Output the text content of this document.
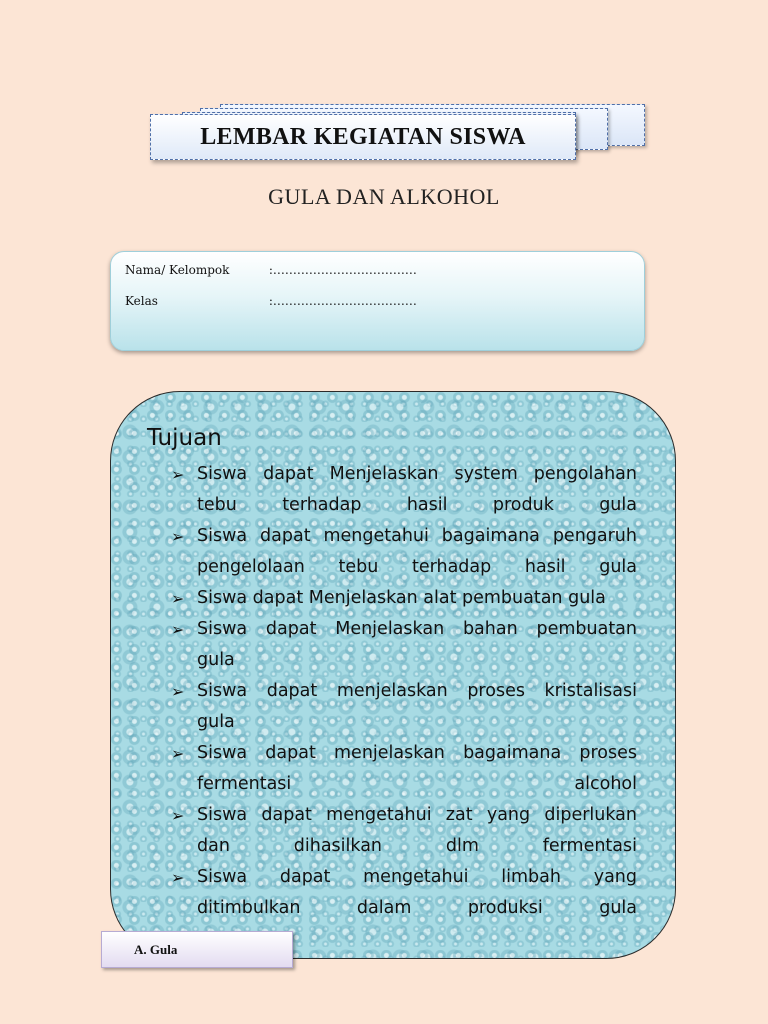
LEMBAR KEGIATAN SISWA
GULA DAN ALKOHOL
Nama/ Kelompok	:………………………………
Kelas	:………………………………
Tujuan
➢ Siswa dapat Menjelaskan system pengolahan
tebu terhadap hasil produk gula
➢ Siswa dapat mengetahui bagaimana pengaruh
pengelolaan tebu terhadap hasil gula
➢ Siswa dapat Menjelaskan alat pembuatan gula
➢ Siswa dapat Menjelaskan bahan pembuatan
gula
➢ Siswa dapat menjelaskan proses kristalisasi
gula
➢ Siswa dapat menjelaskan bagaimana proses
fermentasi alcohol
➢ Siswa dapat mengetahui zat yang diperlukan
dan dihasilkan dlm fermentasi
➢ Siswa dapat mengetahui limbah yang
ditimbulkan dalam produksi gula
A. Gula
